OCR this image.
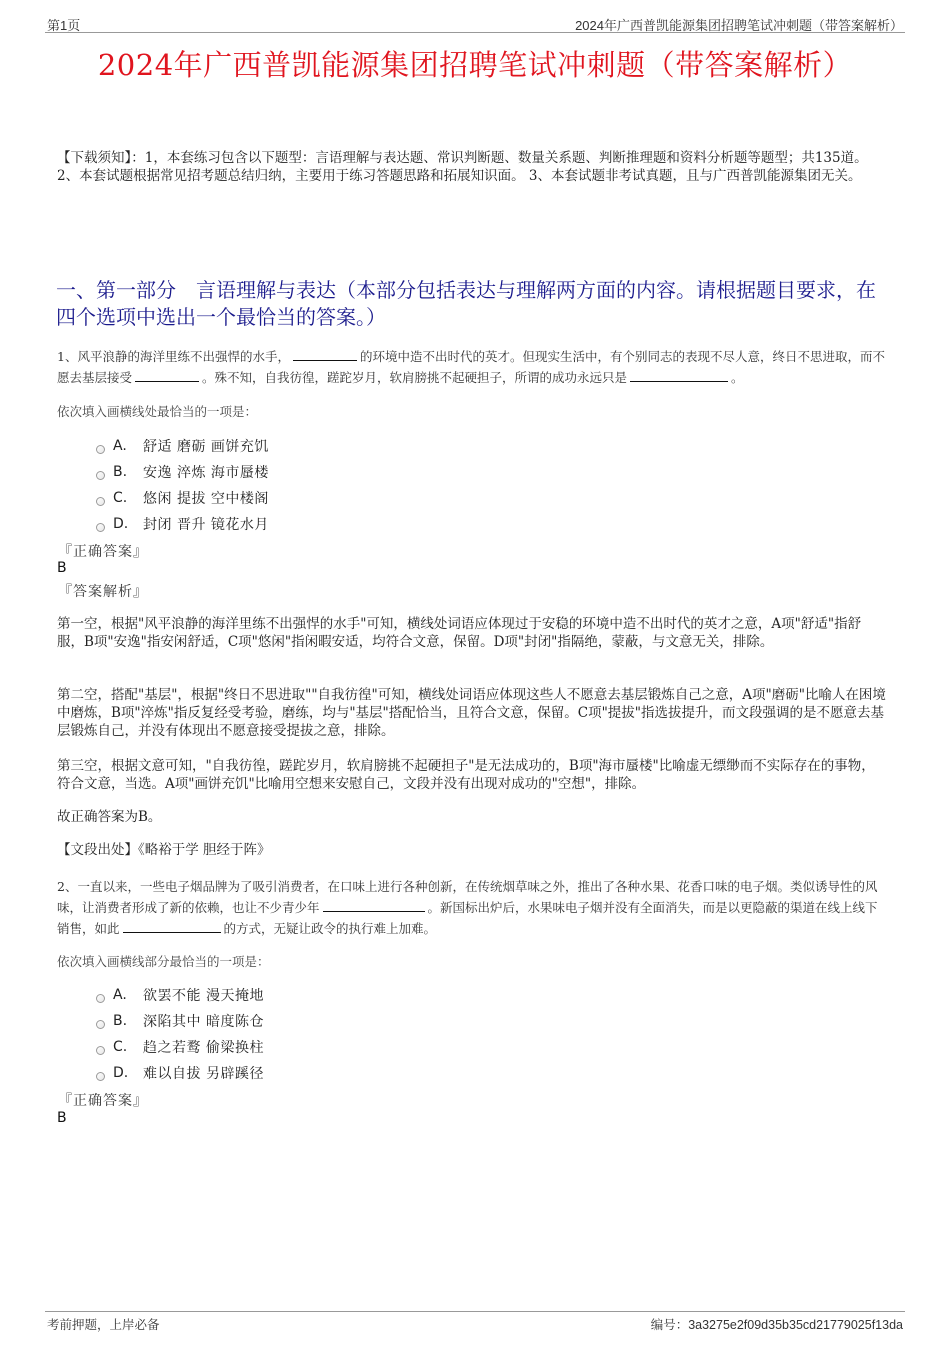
第1页	2024年广西普凯能源集团招聘笔试冲刺题（带答案解析）
2024年广西普凯能源集团招聘笔试冲刺题（带答案解析）
【下载须知】：1，本套练习包含以下题型：言语理解与表达题、常识判断题、数量关系题、判断推理题和资料分析题等题型；共135道。 2、本套试题根据常见招考题总结归纳，主要用于练习答题思路和拓展知识面。 3、本套试题非考试真题，且与广西普凯能源集团无关。
一、第一部分　言语理解与表达（本部分包括表达与理解两方面的内容。请根据题目要求，在四个选项中选出一个最恰当的答案。）
1、风平浪静的海洋里练不出强悍的水手，	的环境中造不出时代的英才。但现实生活中，有个别同志的表现不尽人意，终日不思进取，而不愿去基层接受	。殊不知，自我彷徨，蹉跎岁月，软肩膀挑不起硬担子，所谓的成功永远只是	。
依次填入画横线处最恰当的一项是：
A.	舒适 磨砺 画饼充饥
B.	安逸 淬炼 海市蜃楼
C.	悠闲 提拔 空中楼阁
D.	封闭 晋升 镜花水月
『正确答案』
B
『答案解析』
第一空，根据"风平浪静的海洋里练不出强悍的水手"可知，横线处词语应体现过于安稳的环境中造不出时代的英才之意，A项"舒适"指舒服，B项"安逸"指安闲舒适，C项"悠闲"指闲暇安适，均符合文意，保留。D项"封闭"指隔绝，蒙蔽，与文意无关，排除。
第二空，搭配"基层"，根据"终日不思进取""自我彷徨"可知，横线处词语应体现这些人不愿意去基层锻炼自己之意，A项"磨砺"比喻人在困境中磨炼，B项"淬炼"指反复经受考验，磨练，均与"基层"搭配恰当，且符合文意，保留。C项"提拔"指选拔提升，而文段强调的是不愿意去基层锻炼自己，并没有体现出不愿意接受提拔之意，排除。
第三空，根据文意可知，"自我彷徨，蹉跎岁月，软肩膀挑不起硬担子"是无法成功的，B项"海市蜃楼"比喻虚无缥缈而不实际存在的事物，符合文意，当选。A项"画饼充饥"比喻用空想来安慰自己，文段并没有出现对成功的"空想"，排除。
故正确答案为B。
【文段出处】《略裕于学 胆经于阵》
2、一直以来，一些电子烟品牌为了吸引消费者，在口味上进行各种创新，在传统烟草味之外，推出了各种水果、花香口味的电子烟。类似诱导性的风味，让消费者形成了新的依赖，也让不少青少年	。新国标出炉后，水果味电子烟并没有全面消失，而是以更隐蔽的渠道在线上线下销售，如此	的方式，无疑让政令的执行难上加难。
依次填入画横线部分最恰当的一项是：
A.	欲罢不能 漫天掩地
B.	深陷其中 暗度陈仓
C.	趋之若鹜 偷梁换柱
D.	难以自拔 另辟蹊径
『正确答案』
B
考前押题，上岸必备	编号：3a3275e2f09d35b35cd21779025f13da
